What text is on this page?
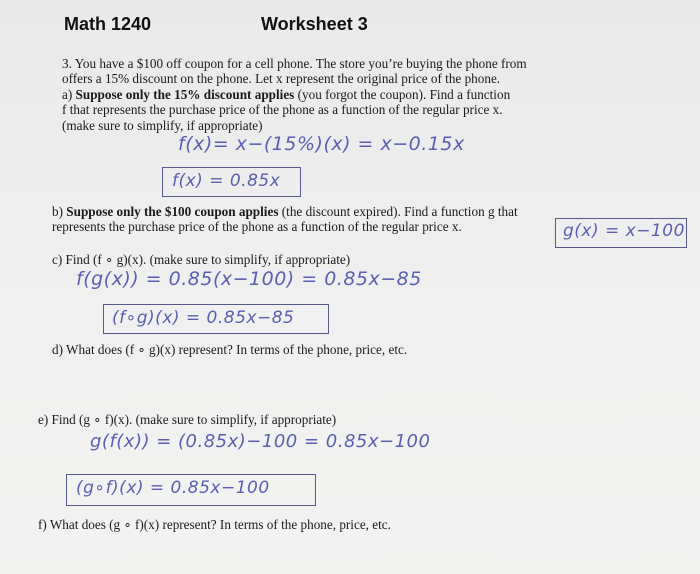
Math 1240	Worksheet 3
3. You have a $100 off coupon for a cell phone. The store you’re buying the phone from
offers a 15% discount on the phone. Let x represent the original price of the phone.
a) Suppose only the 15% discount applies (you forgot the coupon). Find a function
f that represents the purchase price of the phone as a function of the regular price x.
(make sure to simplify, if appropriate)
f(x)= x−(15%)(x) = x−0.15x
f(x) = 0.85x
b) Suppose only the $100 coupon applies (the discount expired). Find a function g that
represents the purchase price of the phone as a function of the regular price x.	g(x) = x−100
c) Find (f ∘ g)(x). (make sure to simplify, if appropriate)
f(g(x)) = 0.85(x−100) = 0.85x−85
(f∘g)(x) = 0.85x−85
d) What does (f ∘ g)(x) represent? In terms of the phone, price, etc.
e) Find (g ∘ f)(x). (make sure to simplify, if appropriate)
g(f(x)) = (0.85x)−100 = 0.85x−100
(g∘f)(x) = 0.85x−100
f) What does (g ∘ f)(x) represent? In terms of the phone, price, etc.
